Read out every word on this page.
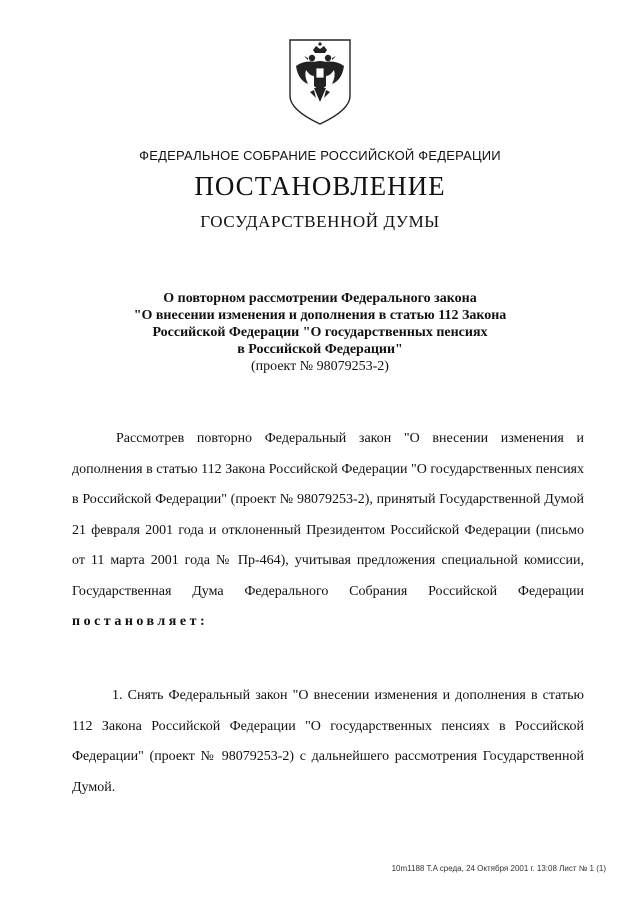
ФЕДЕРАЛЬНОЕ СОБРАНИЕ РОССИЙСКОЙ ФЕДЕРАЦИИ
ПОСТАНОВЛЕНИЕ
ГОСУДАРСТВЕННОЙ ДУМЫ
О повторном рассмотрении Федерального закона
"О внесении изменения и дополнения в статью 112 Закона
Российской Федерации "О государственных пенсиях
в Российской Федерации"
(проект № 98079253-2)
Рассмотрев повторно Федеральный закон "О внесении изменения и дополнения в статью 112 Закона Российской Федерации "О государственных пенсиях в Российской Федерации" (проект № 98079253-2), принятый Государственной Думой 21 февраля 2001 года и отклоненный Президентом Российской Федерации (письмо от 11 марта 2001 года № Пр-464), учитывая предложения специальной комиссии, Государственная Дума Федерального Собрания Российской Федерации постановляет:
1. Снять Федеральный закон "О внесении изменения и дополнения в статью 112 Закона Российской Федерации "О государственных пенсиях в Российской Федерации" (проект № 98079253-2) с дальнейшего рассмотрения Государственной Думой.
10m1188 T.A среда, 24 Октября 2001 г. 13:08 Лист № 1 (1)
